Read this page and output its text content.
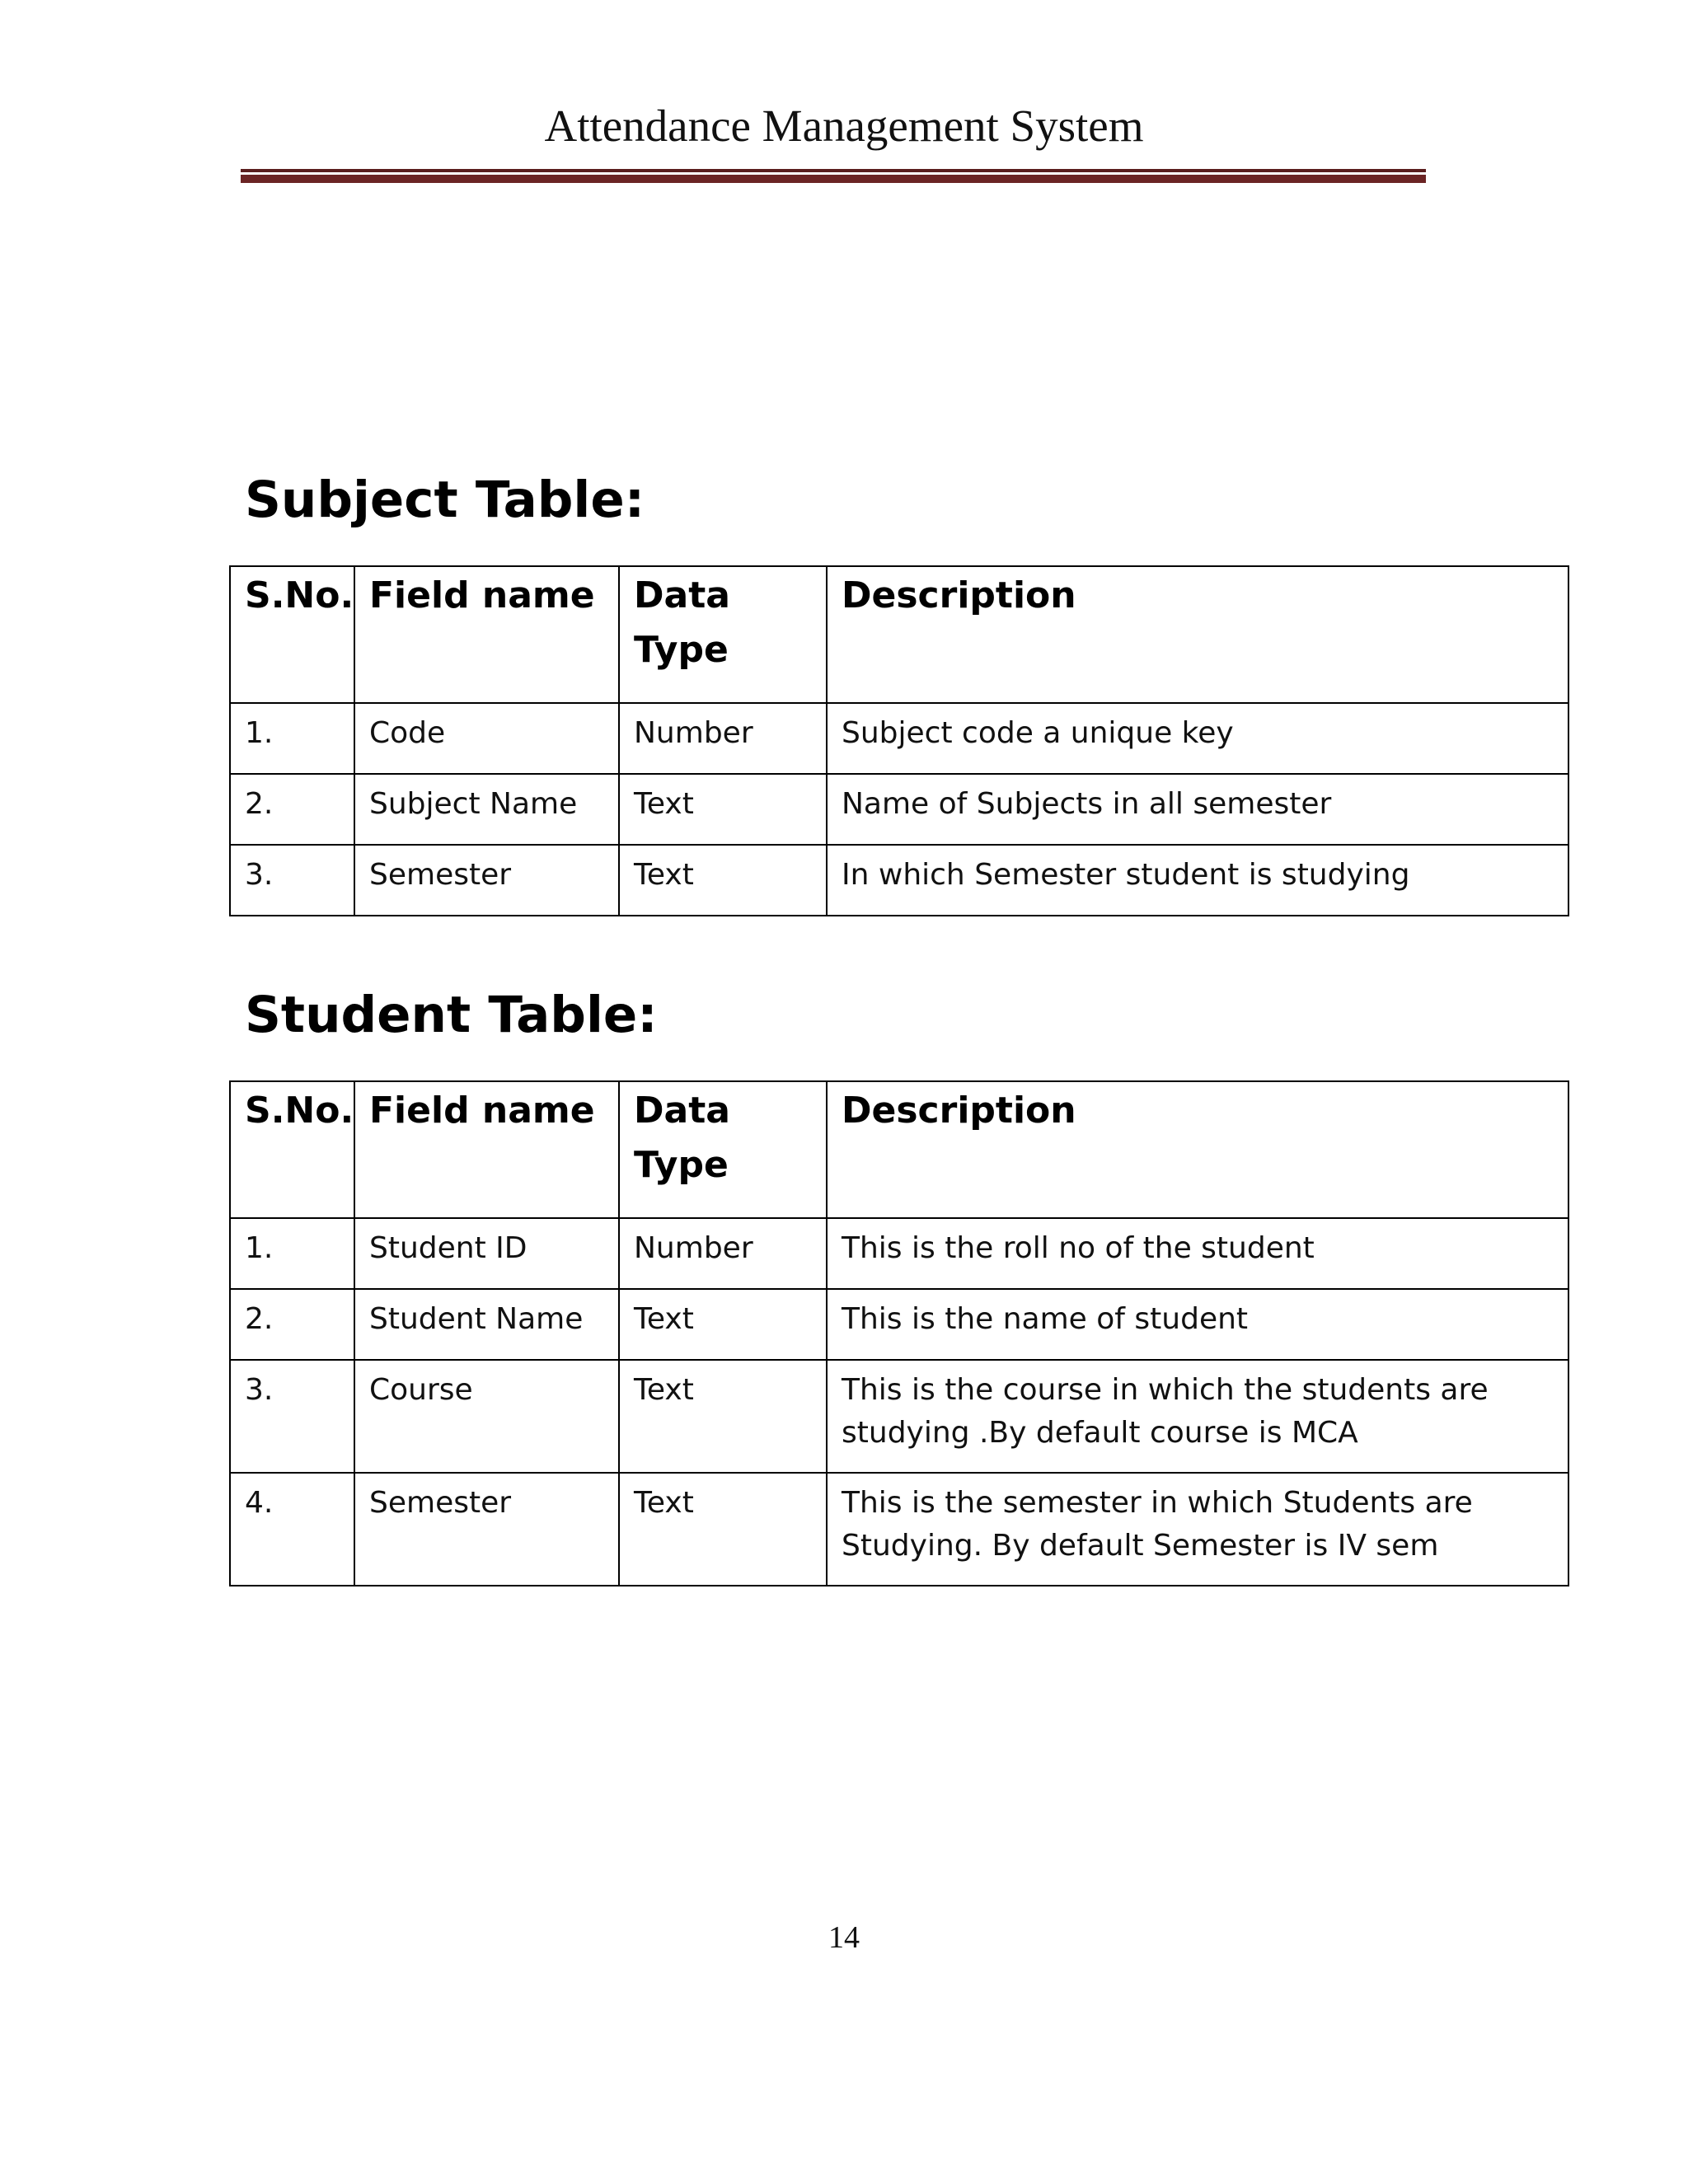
Attendance Management System
Subject Table:
S.No.	Field name	Data Type	Description
1.	Code	Number	Subject code a unique key
2.	Subject Name	Text	Name of Subjects in all semester
3.	Semester	Text	In which Semester student is studying
Student Table:
S.No.	Field name	Data Type	Description
1.	Student ID	Number	This is the roll no of the student
2.	Student Name	Text	This is the name of student
3.	Course	Text	This is the course in which the students are studying .By default course is MCA
4.	Semester	Text	This is the semester in which Students are Studying. By default Semester is IV sem
14
